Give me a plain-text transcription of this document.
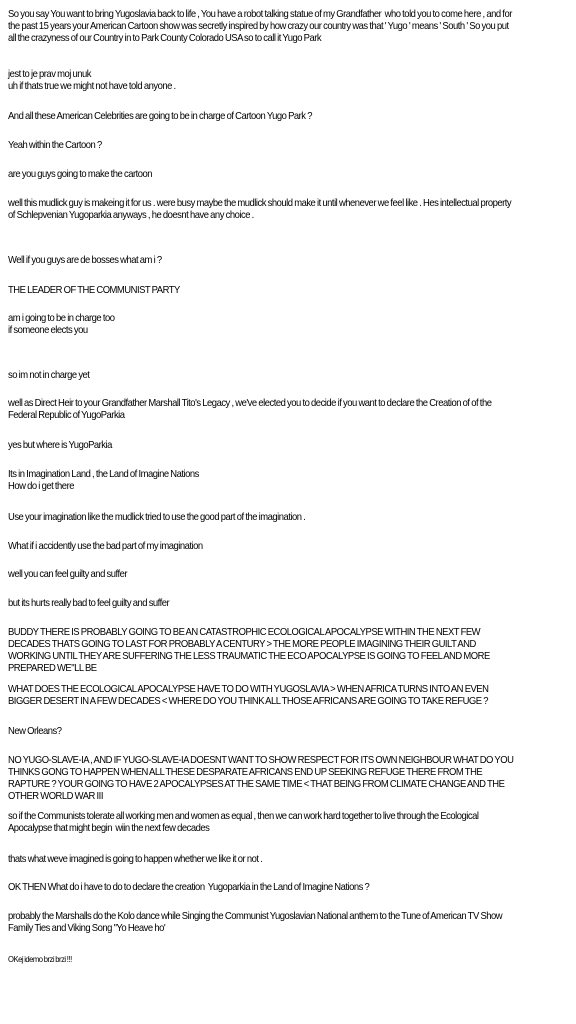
So you say You want to bring Yugoslavia back to life , You have a robot talking statue of my Grandfather  who told you to come here , and for the past 15 years your American Cartoon show was secretly inspired by how crazy our country was that ' Yugo ' means ' South ' So you put all the crazyness of our Country in to Park County Colorado USA so to call it Yugo Park

jest to je prav moj unuk
uh if thats true we might not have told anyone .

And all these American Celebrities are going to be in charge of Cartoon Yugo Park ?

Yeah within the Cartoon ?

are you guys going to make the cartoon

well this mudlick guy is makeing it for us . were busy maybe the mudlick should make it until whenever we feel like . Hes intellectual property of Schlepvenian Yugoparkia anyways , he doesnt have any choice .

Well if you guys are de bosses what am i ?

THE LEADER OF THE COMMUNIST PARTY

am i going to be in charge too
if someone elects you

so im not in charge yet

well as Direct Heir to your Grandfather Marshall Tito's Legacy , we've elected you to decide if you want to declare the Creation of of the Federal Republic of YugoParkia

yes but where is YugoParkia

Its in Imagination Land , the Land of Imagine Nations
How do i get there

Use your imagination like the mudlick tried to use the good part of the imagination .

What if i accidently use the bad part of my imagination

well you can feel guilty and suffer

but its hurts really bad to feel guilty and suffer

BUDDY THERE IS PROBABLY GOING TO BE AN CATASTROPHIC ECOLOGICAL APOCALYPSE WITHIN THE NEXT FEW DECADES THATS GOING TO LAST FOR PROBABLY A CENTURY > THE MORE PEOPLE IMAGINING THEIR GUILT AND WORKING UNTIL THEY ARE SUFFERING THE LESS TRAUMATIC THE ECO APOCALYPSE IS GOING TO FEEL AND MORE PREPARED WE"LL BE

WHAT DOES THE ECOLOGICAL APOCALYPSE HAVE TO DO WITH YUGOSLAVIA > WHEN AFRICA TURNS INTO AN EVEN BIGGER DESERT IN A FEW DECADES < WHERE DO YOU THINK ALL THOSE AFRICANS ARE GOING TO TAKE REFUGE ?

New Orleans?

NO YUGO-SLAVE-IA , AND IF YUGO-SLAVE-IA DOESNT WANT TO SHOW RESPECT FOR ITS OWN NEIGHBOUR WHAT DO YOU THINKS GONG TO HAPPEN WHEN ALL THESE DESPARATE AFRICANS END UP SEEKING REFUGE THERE FROM THE RAPTURE ? YOUR GOING TO HAVE 2 APOCALYPSES AT THE SAME TIME < THAT BEING FROM CLIMATE CHANGE AND THE OTHER WORLD WAR III

so if the Communists tolerate all working men and women as equal , then we can work hard together to live through the Ecological Apocalypse that might begin  wiin the next few decades

thats what weve imagined is going to happen whether we like it or not .

OK THEN What do i have to do to declare the creation  Yugoparkia in the Land of Imagine Nations ?

probably the Marshalls do the Kolo dance while Singing the Communist Yugoslavian National anthem to the Tune of American TV Show Family Ties and Viking Song "Yo Heave ho'

OKej idemo brzi brzi !!!
